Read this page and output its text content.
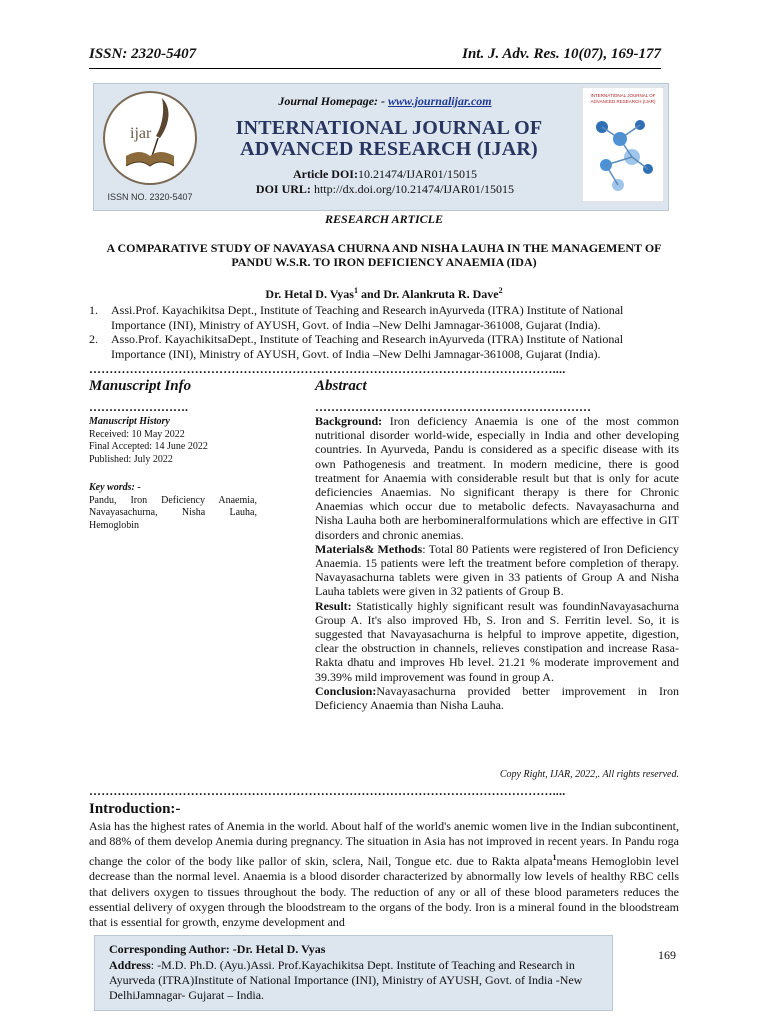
ISSN: 2320-5407	Int. J. Adv. Res. 10(07), 169-177
ijar
ISSN NO. 2320-5407
INTERNATIONAL JOURNAL OF
ADVANCED RESEARCH (IJAR)
Journal Homepage: - www.journalijar.com
INTERNATIONAL JOURNAL OF
ADVANCED RESEARCH (IJAR)
Article DOI:10.21474/IJAR01/15015
DOI URL: http://dx.doi.org/10.21474/IJAR01/15015
RESEARCH ARTICLE
A COMPARATIVE STUDY OF NAVAYASA CHURNA AND NISHA LAUHA IN THE MANAGEMENT OF
PANDU W.S.R. TO IRON DEFICIENCY ANAEMIA (IDA)
Dr. Hetal D. Vyas$^1$ and Dr. Alankruta R. Dave$^2$
1. Assi.Prof. Kayachikitsa Dept., Institute of Teaching and Research inAyurveda (ITRA) Institute of National Importance (INI), Ministry of AYUSH, Govt. of India –New Delhi Jamnagar-361008, Gujarat (India).
2. Asso.Prof. KayachikitsaDept., Institute of Teaching and Research inAyurveda (ITRA) Institute of National Importance (INI), Ministry of AYUSH, Govt. of India –New Delhi Jamnagar-361008, Gujarat (India).
……………………………………………………………………………………………………....
Manuscript Info
…………………….
Manuscript History
Received: 10 May 2022
Final Accepted: 14 June 2022
Published: July 2022
Key words: -
Pandu, Iron Deficiency Anaemia, Navayasachurna, Nisha Lauha, Hemoglobin
Abstract
……………………………………………………………

Background: Iron deficiency Anaemia is one of the most common nutritional disorder world-wide, especially in India and other developing countries. In Ayurveda, Pandu is considered as a specific disease with its own Pathogenesis and treatment. In modern medicine, there is good treatment for Anaemia with considerable result but that is only for acute deficiencies Anaemias. No significant therapy is there for Chronic Anaemias which occur due to metabolic defects. Navayasachurna and Nisha Lauha both are herbomineralformulations which are effective in GIT disorders and chronic anemias.

Materials& Methods: Total 80 Patients were registered of Iron Deficiency Anaemia. 15 patients were left the treatment before completion of therapy. Navayasachurna tablets were given in 33 patients of Group A and Nisha Lauha tablets were given in 32 patients of Group B.

Result: Statistically highly significant result was foundinNavayasachurna Group A. It's also improved Hb, S. Iron and S. Ferritin level. So, it is suggested that Navayasachurna is helpful to improve appetite, digestion, clear the obstruction in channels, relieves constipation and increase Rasa- Rakta dhatu and improves Hb level. 21.21 % moderate improvement and 39.39% mild improvement was found in group A.

Conclusion:Navayasachurna provided better improvement in Iron Deficiency Anaemia than Nisha Lauha.

Copy Right, IJAR, 2022,. All rights reserved.
……………………………………………………………………………………………………....
Introduction:-
Asia has the highest rates of Anemia in the world. About half of the world's anemic women live in the Indian subcontinent, and 88% of them develop Anemia during pregnancy. The situation in Asia has not improved in recent years. In Pandu roga change the color of the body like pallor of skin, sclera, Nail, Tongue etc. due to Rakta alpata$^1$means Hemoglobin level decrease than the normal level. Anaemia is a blood disorder characterized by abnormally low levels of healthy RBC cells that delivers oxygen to tissues throughout the body. The reduction of any or all of these blood parameters reduces the essential delivery of oxygen through the bloodstream to the organs of the body. Iron is a mineral found in the bloodstream that is essential for growth, enzyme development and
Corresponding Author: -Dr. Hetal D. Vyas
Address: -M.D. Ph.D. (Ayu.)Assi. Prof.Kayachikitsa Dept. Institute of Teaching and Research in Ayurveda (ITRA)Institute of National Importance (INI), Ministry of AYUSH, Govt. of India -New DelhiJamnagar- Gujarat – India.
169
